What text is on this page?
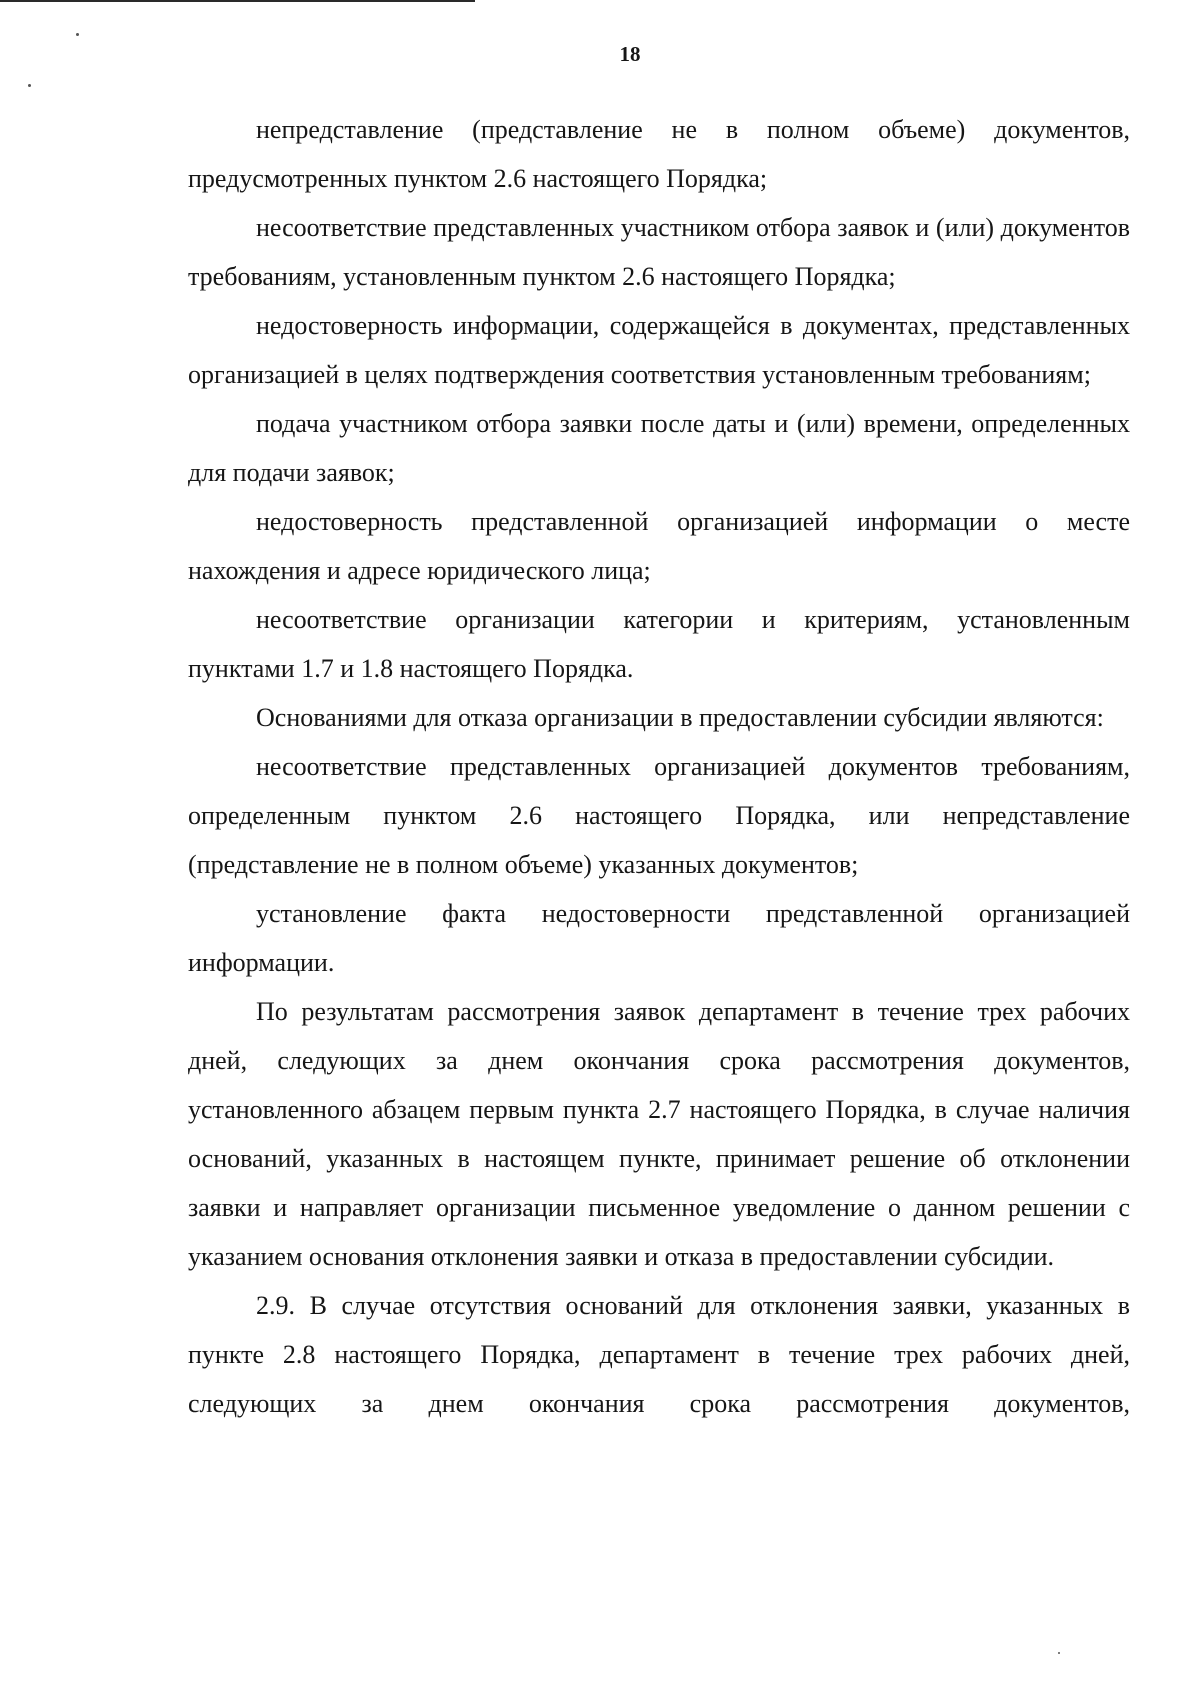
18

непредставление (представление не в полном объеме) документов, предусмотренных пунктом 2.6 настоящего Порядка;

несоответствие представленных участником отбора заявок и (или) документов требованиям, установленным пунктом 2.6 настоящего Порядка;

недостоверность информации, содержащейся в документах, представленных организацией в целях подтверждения соответствия установленным требованиям;

подача участником отбора заявки после даты и (или) времени, определенных для подачи заявок;

недостоверность представленной организацией информации о месте нахождения и адресе юридического лица;

несоответствие организации категории и критериям, установленным пунктами 1.7 и 1.8 настоящего Порядка.

Основаниями для отказа организации в предоставлении субсидии являются:

несоответствие представленных организацией документов требованиям, определенным пунктом 2.6 настоящего Порядка, или непредставление (представление не в полном объеме) указанных документов;

установление факта недостоверности представленной организацией информации.

По результатам рассмотрения заявок департамент в течение трех рабочих дней, следующих за днем окончания срока рассмотрения документов, установленного абзацем первым пункта 2.7 настоящего Порядка, в случае наличия оснований, указанных в настоящем пункте, принимает решение об отклонении заявки и направляет организации письменное уведомление о данном решении с указанием основания отклонения заявки и отказа в предоставлении субсидии.

2.9. В случае отсутствия оснований для отклонения заявки, указанных в пункте 2.8 настоящего Порядка, департамент в течение трех рабочих дней, следующих за днем окончания срока рассмотрения документов,
